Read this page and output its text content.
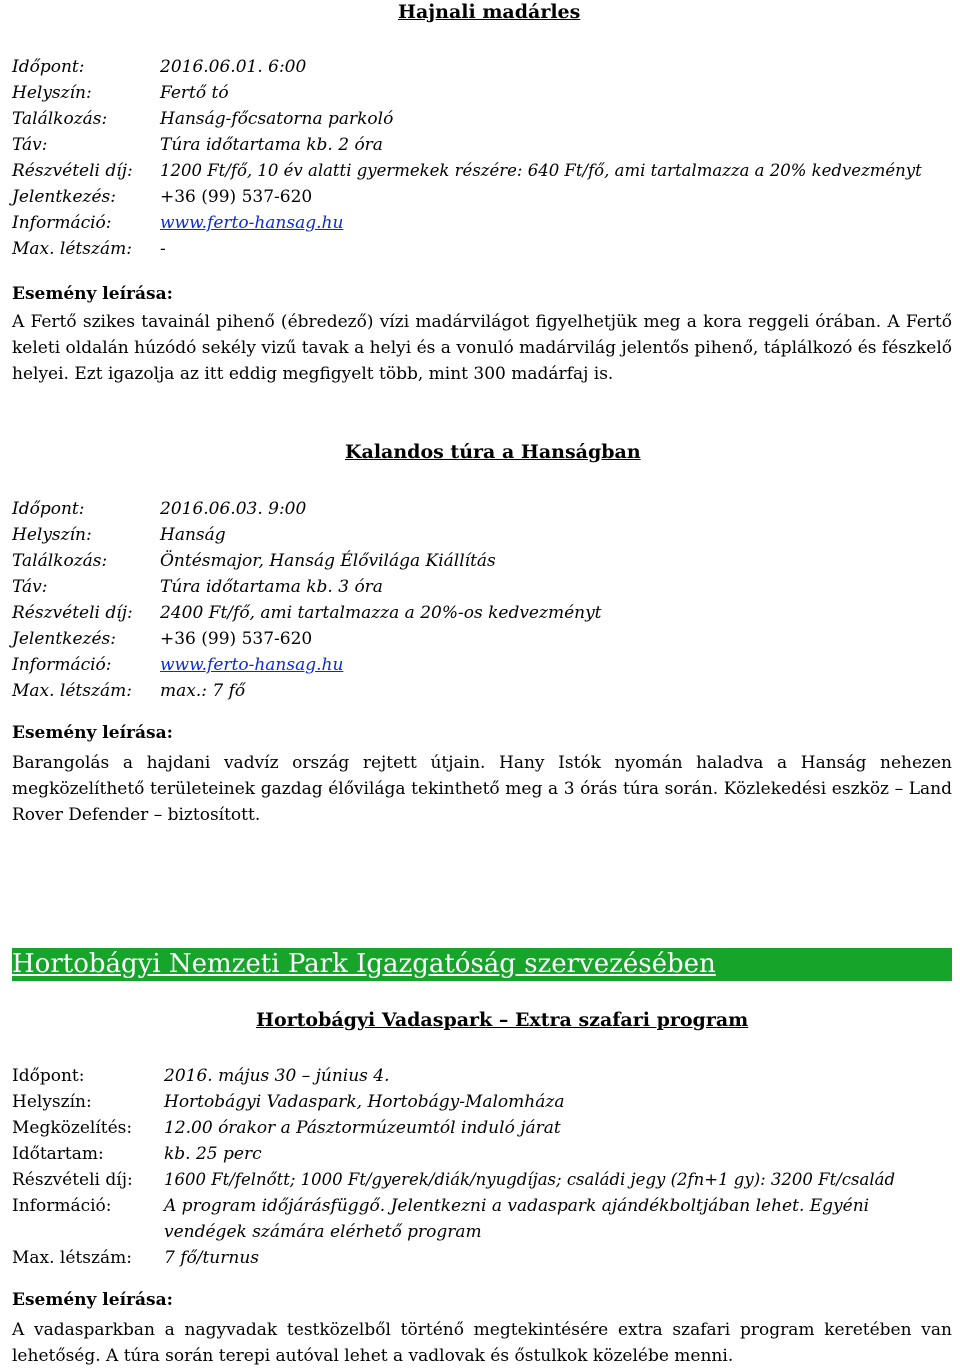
Hajnali madárles
Időpont:	2016.06.01. 6:00
Helyszín:	Fertő tó
Találkozás:	Hanság-főcsatorna parkoló
Táv:	Túra időtartama kb. 2 óra
Részvételi díj:	1200 Ft/fő, 10 év alatti gyermekek részére: 640 Ft/fő, ami tartalmazza a 20% kedvezményt
Jelentkezés:	+36 (99) 537-620
Információ:	www.ferto-hansag.hu
Max. létszám:	-
Esemény leírása:
A Fertő szikes tavainál pihenő (ébredező) vízi madárvilágot figyelhetjük meg a kora reggeli órában. A Fertő keleti oldalán húzódó sekély vizű tavak a helyi és a vonuló madárvilág jelentős pihenő, táplálkozó és fészkelő helyei. Ezt igazolja az itt eddig megfigyelt több, mint 300 madárfaj is.
Kalandos túra a Hanságban
Időpont:	2016.06.03. 9:00
Helyszín:	Hanság
Találkozás:	Öntésmajor, Hanság Élővilága Kiállítás
Táv:	Túra időtartama kb. 3 óra
Részvételi díj:	2400 Ft/fő, ami tartalmazza a 20%-os kedvezményt
Jelentkezés:	+36 (99) 537-620
Információ:	www.ferto-hansag.hu
Max. létszám:	max.: 7 fő
Esemény leírása:
Barangolás a hajdani vadvíz ország rejtett útjain. Hany Istók nyomán haladva a Hanság nehezen megközelíthető területeinek gazdag élővilága tekinthető meg a 3 órás túra során. Közlekedési eszköz – Land Rover Defender – biztosított.
Hortobágyi Nemzeti Park Igazgatóság szervezésében
Hortobágyi Vadaspark – Extra szafari program
Időpont:	2016. május 30 – június 4.
Helyszín:	Hortobágyi Vadaspark, Hortobágy-Malomháza
Megközelítés:	12.00 órakor a Pásztormúzeumtól induló járat
Időtartam:	kb. 25 perc
Részvételi díj:	1600 Ft/felnőtt; 1000 Ft/gyerek/diák/nyugdíjas; családi jegy (2fn+1 gy): 3200 Ft/család
Információ:	A program időjárásfüggő. Jelentkezni a vadaspark ajándékboltjában lehet. Egyéni vendégek számára elérhető program
Max. létszám:	7 fő/turnus
Esemény leírása:
A vadasparkban a nagyvadak testközelből történő megtekintésére extra szafari program keretében van lehetőség. A túra során terepi autóval lehet a vadlovak és őstulkok közelébe menni.
